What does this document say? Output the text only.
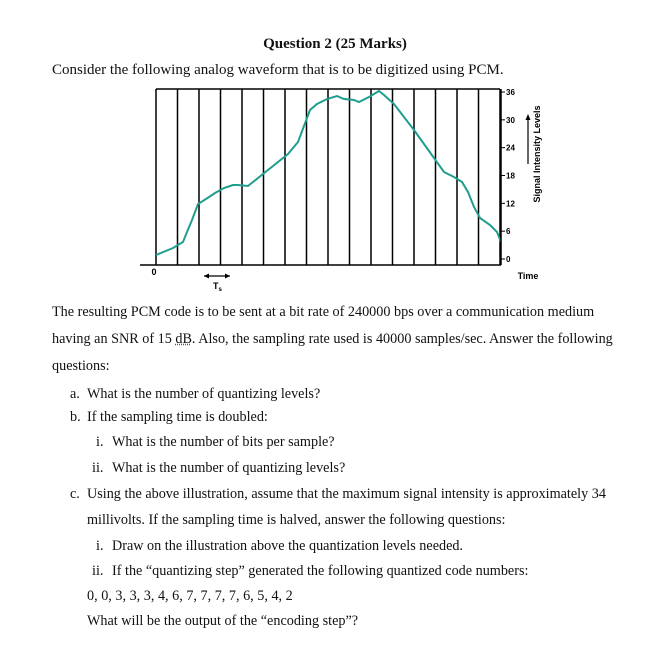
Question 2 (25 Marks)
Consider the following analog waveform that is to be digitized using PCM.
36
30
24
18
12
6
0
0
$T_s$
Time
Signal Intensity Levels
The resulting PCM code is to be sent at a bit rate of 240000 bps over a communication medium
having an SNR of 15 dB. Also, the sampling rate used is 40000 samples/sec. Answer the following
questions:
a. What is the number of quantizing levels?
b. If the sampling time is doubled:
i. What is the number of bits per sample?
ii. What is the number of quantizing levels?
c. Using the above illustration, assume that the maximum signal intensity is approximately 34
millivolts. If the sampling time is halved, answer the following questions:
i. Draw on the illustration above the quantization levels needed.
ii. If the “quantizing step” generated the following quantized code numbers:
0, 0, 3, 3, 3, 4, 6, 7, 7, 7, 7, 6, 5, 4, 2
What will be the output of the “encoding step”?
